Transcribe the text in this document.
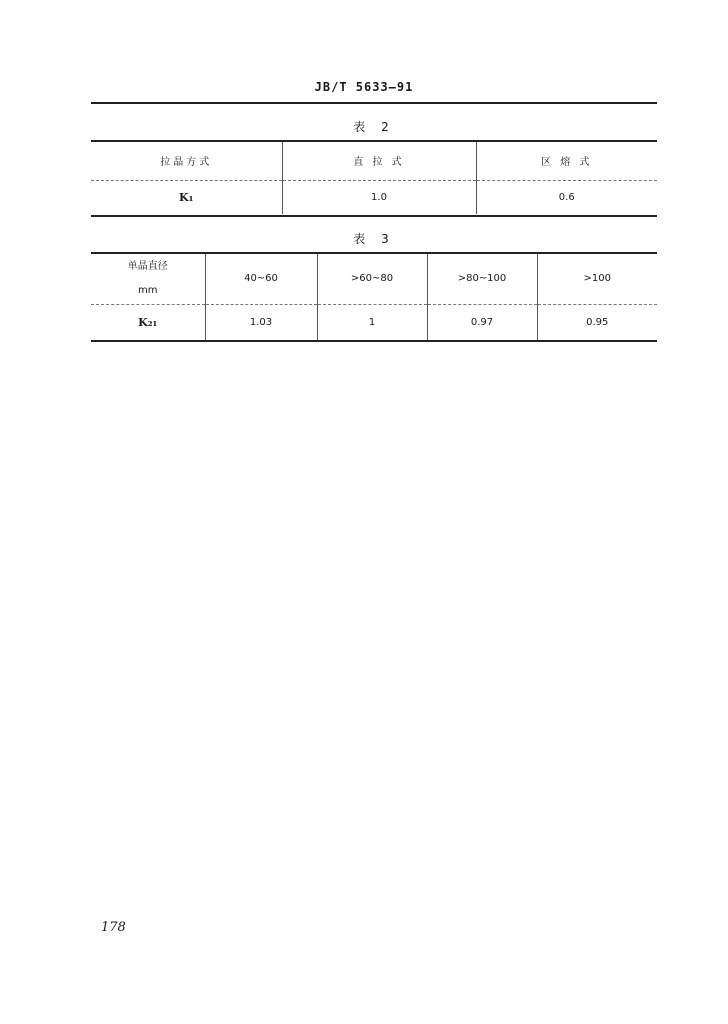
JB/T 5633—91
表 2
拉晶方式	直 拉 式	区 熔 式
K₁	1.0	0.6
表 3
单晶直径
mm	40~60	>60~80	>80~100	>100
K₂₁	1.03	1	0.97	0.95
178
